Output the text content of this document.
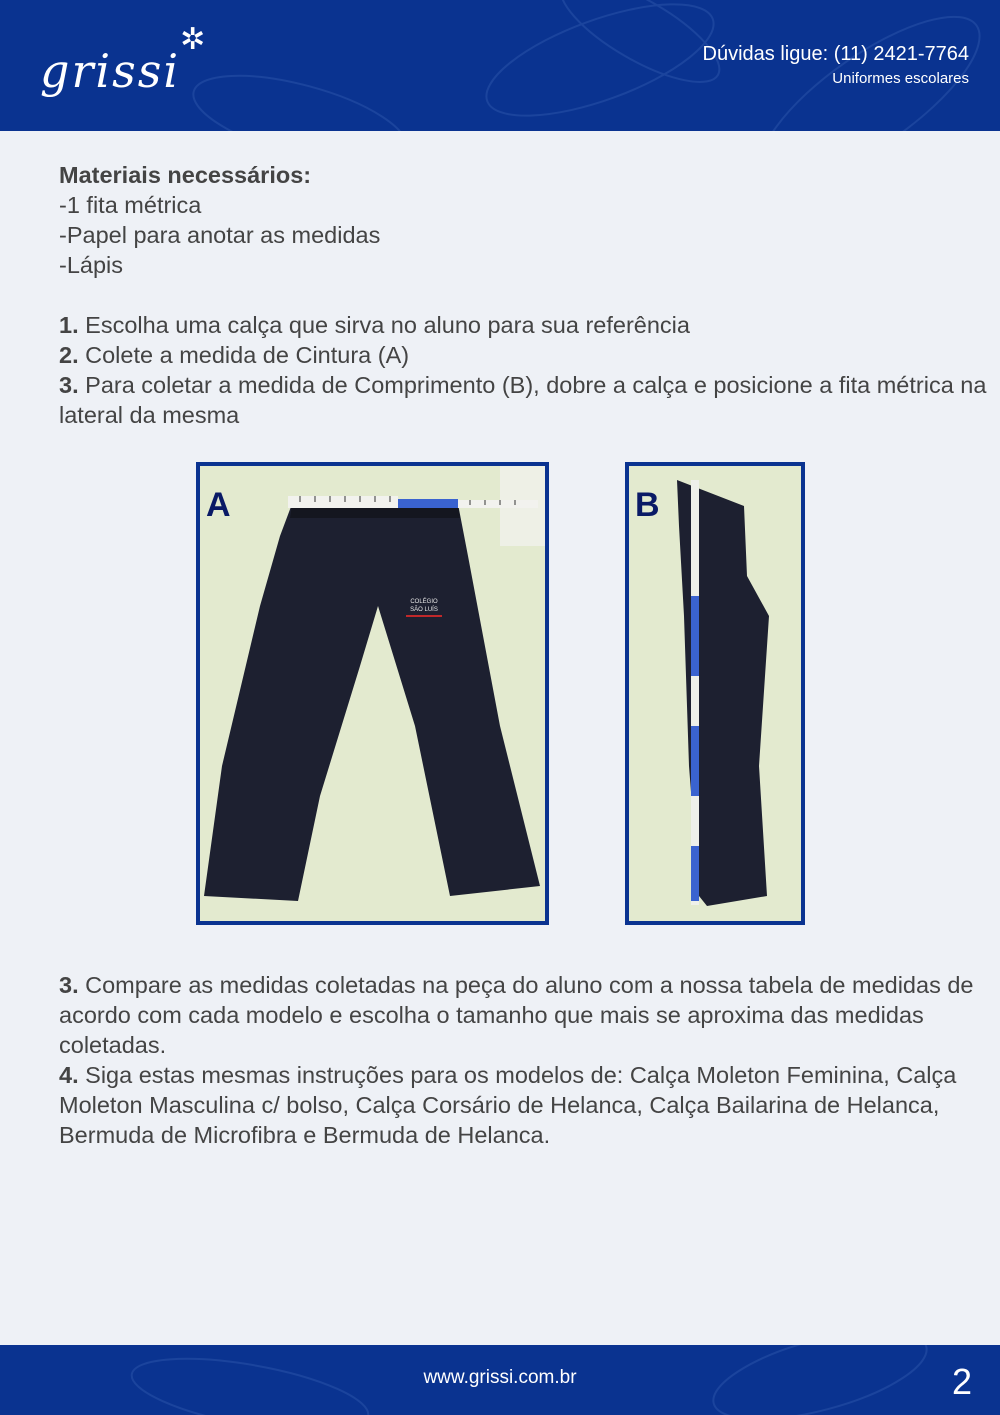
grissi
✲	Dúvidas ligue: (11) 2421-7764
Uniformes escolares

Materiais necessários:

-1 fita métrica

-Papel para anotar as medidas

-Lápis

1. Escolha uma calça que sirva no aluno para sua referência

2. Colete a medida de Cintura (A)

3. Para coletar a medida de Comprimento (B), dobre a calça e posicione a fita métrica na lateral da mesma

COLÉGIO
SÃO LUÍS
A	B

3. Compare as medidas coletadas na peça do aluno com a nossa tabela de medidas de acordo com cada modelo e escolha o tamanho que mais se aproxima das medidas coletadas.

4. Siga estas mesmas instruções para os modelos de: Calça Moleton Feminina, Calça Moleton Masculina c/ bolso, Calça Corsário de Helanca, Calça Bailarina de Helanca, Bermuda de Microfibra e Bermuda de Helanca.

www.grissi.com.br	2
